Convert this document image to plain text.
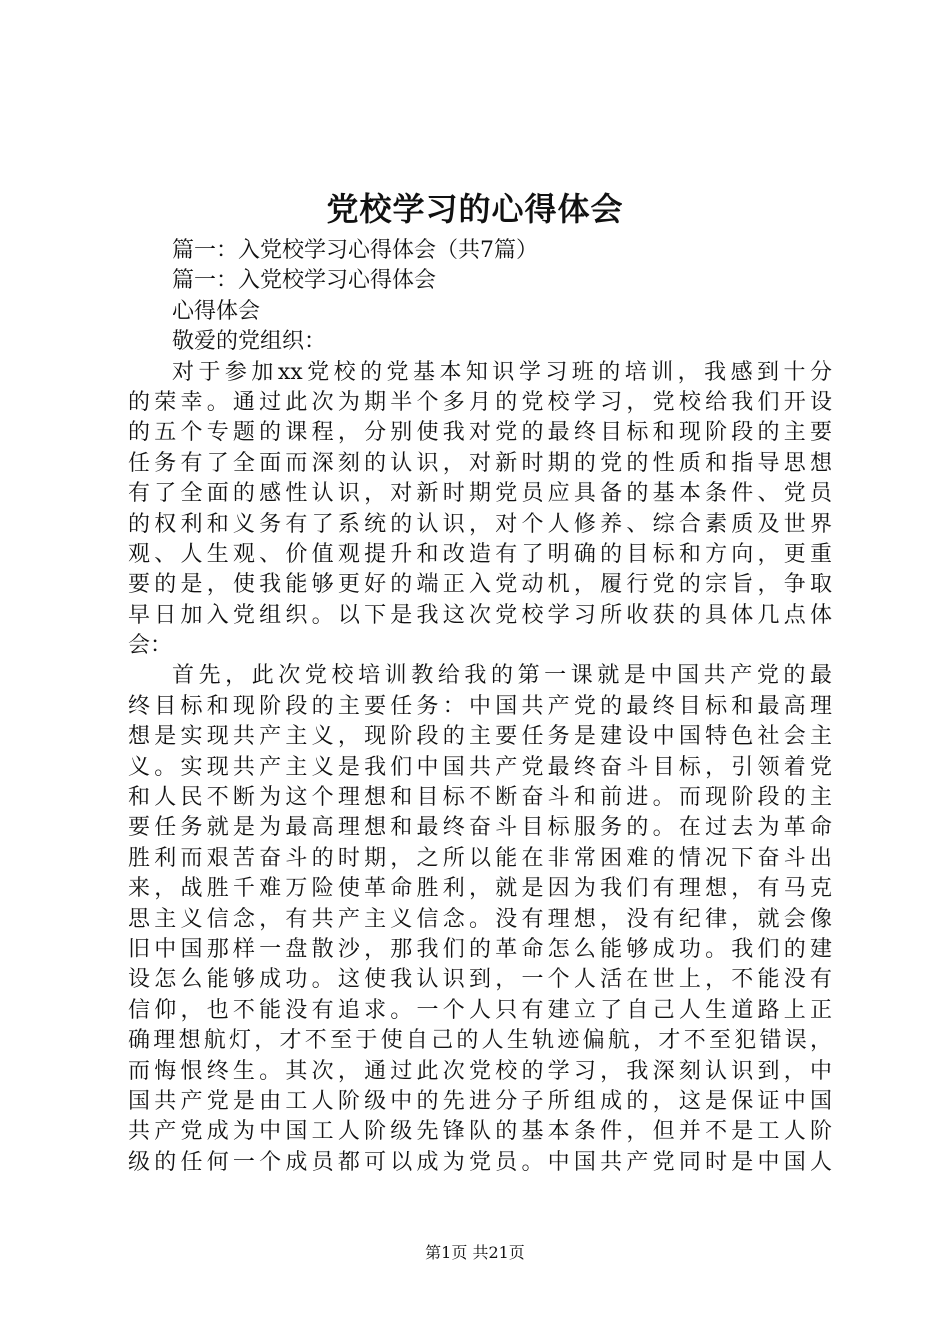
党校学习的心得体会
篇一：入党校学习心得体会（共7篇）
篇一：入党校学习心得体会
心得体会
敬爱的党组织：
对于参加xx党校的党基本知识学习班的培训，我感到十分
的荣幸。通过此次为期半个多月的党校学习，党校给我们开设
的五个专题的课程，分别使我对党的最终目标和现阶段的主要
任务有了全面而深刻的认识，对新时期的党的性质和指导思想
有了全面的感性认识，对新时期党员应具备的基本条件、党员
的权利和义务有了系统的认识，对个人修养、综合素质及世界
观、人生观、价值观提升和改造有了明确的目标和方向，更重
要的是，使我能够更好的端正入党动机，履行党的宗旨，争取
早日加入党组织。以下是我这次党校学习所收获的具体几点体
会：
首先，此次党校培训教给我的第一课就是中国共产党的最
终目标和现阶段的主要任务：中国共产党的最终目标和最高理
想是实现共产主义，现阶段的主要任务是建设中国特色社会主
义。实现共产主义是我们中国共产党最终奋斗目标，引领着党
和人民不断为这个理想和目标不断奋斗和前进。而现阶段的主
要任务就是为最高理想和最终奋斗目标服务的。在过去为革命
胜利而艰苦奋斗的时期，之所以能在非常困难的情况下奋斗出
来，战胜千难万险使革命胜利，就是因为我们有理想，有马克
思主义信念，有共产主义信念。没有理想，没有纪律，就会像
旧中国那样一盘散沙，那我们的革命怎么能够成功。我们的建
设怎么能够成功。这使我认识到，一个人活在世上，不能没有
信仰，也不能没有追求。一个人只有建立了自己人生道路上正
确理想航灯，才不至于使自己的人生轨迹偏航，才不至犯错误，
而悔恨终生。其次，通过此次党校的学习，我深刻认识到，中
国共产党是由工人阶级中的先进分子所组成的，这是保证中国
共产党成为中国工人阶级先锋队的基本条件，但并不是工人阶
级的任何一个成员都可以成为党员。中国共产党同时是中国人
第1页 共21页
